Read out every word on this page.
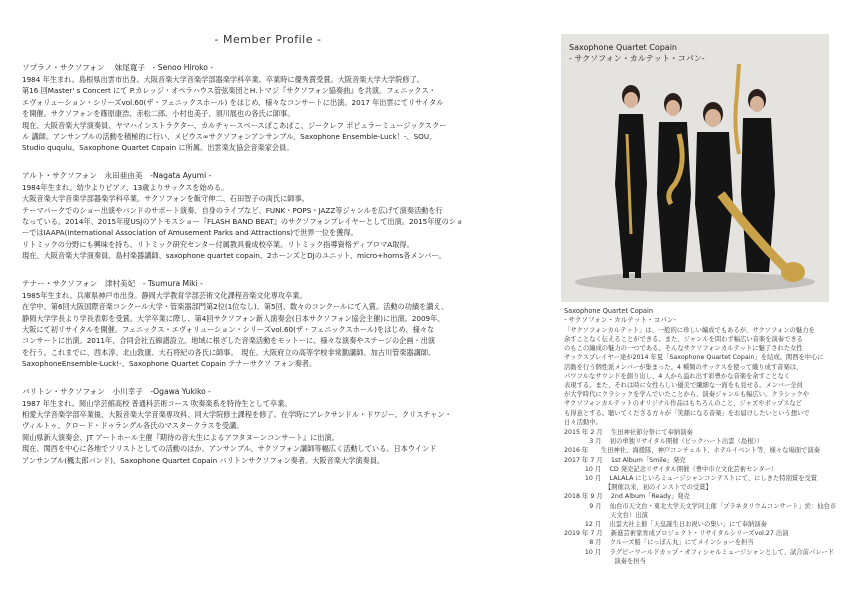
- Member Profile -
ソプラノ・サクソフォン　 妹尾寛子　- Senoo Hiroko -

1984 年生まれ。島根県出雲市出身。大阪音楽大学音楽学部器楽学科卒業。卒業時に優秀賞受賞。大阪音楽大学大学院修了。

第16 回Master' s Concert にて P.カレッジ・オペラハウス管弦楽団とH.トマジ『サクソフォン協奏曲』を共演。フェニックス・

エヴォリューション・シリーズvol.60(ザ・フェニックスホール) をはじめ、様々なコンサートに出演。2017 年出雲にてリサイタル

を開催。サクソフォンを篠原康浩、赤松二郎、小村也美子、須川展也の各氏に師事。

現在、大阪音楽大学演奏員、ヤマハインストラクター、カルチャースペースぽこあぽこ、ジークレフ ポピュラーミュージックスクー

ル 講師。アンサンブルの活動を積極的に行い、メビウス∞サクソフォンアンサンブル、Saxophone Ensemble-Luck！-、SOU、

Studio ququlu、Saxophone Quartet Copain に所属。出雲楽友協会音楽家会員。

アルト・サクソフォン　永田亜由美　-Nagata Ayumi -

1984年生まれ。幼少よりピアノ、13歳よりサックスを始める。

大阪音楽大学音楽学部器楽学科卒業。サクソフォンを飯守伸二、石田智子の両氏に師事。

テーマパークでのショー出演やバンドのサポート演奏、自身のライブなど、FUNK・POPS・JAZZ等ジャンルを広げて演奏活動を行

なっている。2014年、2015年度USJのアトモスショー『FLASH BAND BEAT』のサクソフォンプレイヤーとして出演。2015年度のショ

ーではIAAPA(International Association of Amusement Parks and Attractions)で世界一位を獲得。

リトミックの分野にも興味を持ち、リトミック研究センター付属教具養成校卒業。リトミック指導資格ディプロマA取得。

現在、大阪音楽大学演奏員、島村楽器講師、saxophone quartet copain、2ホーンズとDJのユニット、micro+horns各メンバー。

テナー・サクソフォン　津村美妃　- Tsumura Miki -

1985年生まれ。兵庫県神戸市出身。静岡大学教育学部芸術文化課程音楽文化専攻卒業。

在学中、第6回大阪国際音楽コンクール大学・管楽器部門第2位(1位なし)、第5回、数々のコンクールにて入賞。活動の功績を讃え、

静岡大学学長より学長表彰を受賞。大学卒業に際し、第4回サクソフォン新人演奏会(日本サクソフォン協会主催)に出演。2009年、

大阪にて初リサイタルを開催。フェニックス・エヴォリューション・シリーズvol.60(ザ・フェニックスホール)をはじめ、様々な

コンサートに出演。2011年、合同会社五線譜設立。地域に根ざした音楽活動をモットーに、様々な演奏やステージの企画・出演

を行う。これまでに、西本淳、北山敦康、大石将紀の各氏に師事。　現在、大阪府立の高等学校非常勤講師、加古川管楽器講師、

SaxophoneEnsemble-Luck!-、Saxophone Quartet Copain テナーサクソ フォン奏者。

バリトン・サクソフォン　小川幸子　-Ogawa Yukiko -

1987 年生まれ。岡山学芸館高校 普通科芸術コース 吹奏楽系を特待生として卒業。

相愛大学音楽学部卒業後、大阪音楽大学音楽専攻科、同大学院修士課程を修了。在学時にアレクサンドル・ドワジー、クリスチャン・

ヴィルトゥ、クロード・ドゥラングル各氏のマスタークラスを受講。

岡山県新人演奏会、JT アートホール主催『期待の音大生によるアフタヌーンコンサート』に出演。

現在、関西を中心に各地でソリストとしての活動のほか、アンサンブル、サクソフォン講師等幅広く活動している。日本ウインド

アンサンブル(楓太郎バンド)、Saxophone Quartet Copain バリトンサクソフォン奏者。大阪音楽大学演奏員。

Saxophone Quartet Copain
- サクソフォン・カルテット・コパン-
Saxophone Quartet Copain
- サクソフォン・カルテット・コパン-

「サクソフォンカルテット」は、一般的に珍しい編成でもあるが、サクソフォンの魅力を

余すことなく伝えることができる。また、ジャンルを問わず幅広い音楽を演奏できる

のもこの編成の魅力の一つである。そんなサクソフォンカルテットに魅了された女性

サックスプレイヤー達が2014 年夏「Saxophone Quartet Copain」を結成。関西を中心に

活動を行う個性派メンバーが集まった。4 種類のサックスを使って織り成す音楽は、

パワフルなサウンドを創り出し、4 人から溢れ出す彩豊かな音楽を余すことなく

表現する。また、それは時に女性らしい優美で繊細な一面をも見せる。メンバー全員

が大学時代にクラシックを学んでいたことから、演奏ジャンルも幅広い。クラシックや

サクソフォンカルテットのオリジナル作品はもちろんのこと、ジャズやポップスなど

も得意とする。聴いてくださる方々が「笑顔になる音楽」をお届けしたいという想いで

日々活動中。

2015 年 2 月　 生田神社節分祭にて奉納演奏
　　　　3 月　 初の単独リサイタル開催（ピックハート出雲（島根））
2016 年　　生田神社、海援隊、神戸コンチェルト、ホテルイベント等、様々な場面で演奏
2017 年 7 月　 1st Album「Smile」発売
　　　 10 月　 CD 発売記念リサイタル開催（豊中市立文化芸術センター）
　　　 10 月　 LALALA にじいろミュージシャンコンテストにて、にしきた特別賞を受賞
　　　　　　　【開催以来、初のインストでの受賞】
2018 年 9 月　 2nd Album「Ready」発売
　　　　9 月　 仙台市天文台・東北大学天文学同主催「プラネタリウムコンサート」於：仙台市
　　　　　　　 天文台）出演
　　　 12 月　 出雲大社主催「天皇誕生日お祝いの集い」にて奉納演奏
2019 年 7 月　 新進芸術家育成プロジェクト・リサイタルシリーズvol.27 出演
　　　　8 月　 クルーズ船「にっぽん丸」にてメインショーを担当
　　　 10 月　 ラグビーワールドカップ・オフィシャルミュージシャンとして、試合前パレード
　　　　　　　　演奏を担当
